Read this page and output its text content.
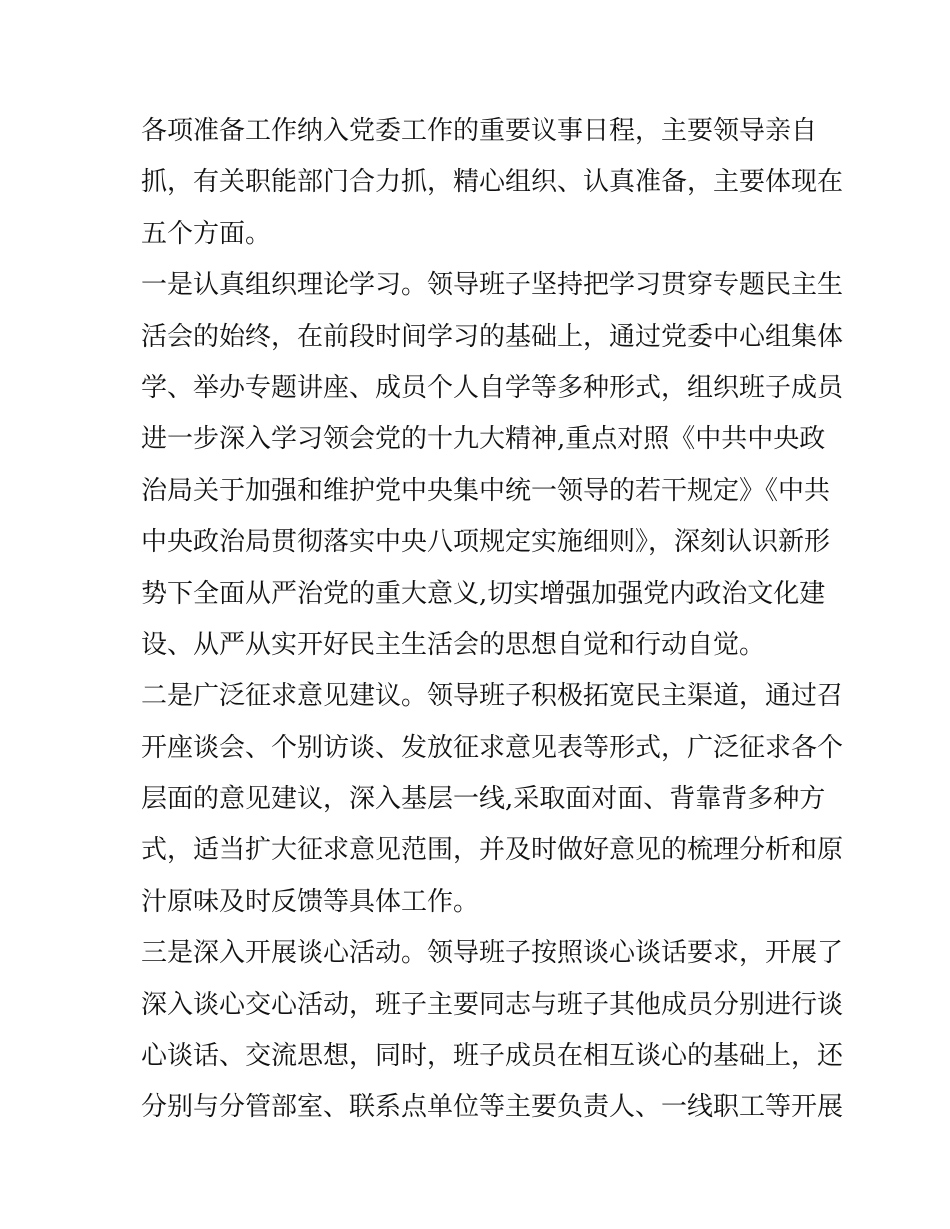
各项准备工作纳入党委工作的重要议事日程，主要领导亲自
抓，有关职能部门合力抓，精心组织、认真准备，主要体现在
五个方面。
一是认真组织理论学习。领导班子坚持把学习贯穿专题民主生
活会的始终，在前段时间学习的基础上，通过党委中心组集体
学、举办专题讲座、成员个人自学等多种形式，组织班子成员
进一步深入学习领会党的十九大精神,重点对照《中共中央政
治局关于加强和维护党中央集中统一领导的若干规定》《中共
中央政治局贯彻落实中央八项规定实施细则》，深刻认识新形
势下全面从严治党的重大意义,切实增强加强党内政治文化建
设、从严从实开好民主生活会的思想自觉和行动自觉。
二是广泛征求意见建议。领导班子积极拓宽民主渠道，通过召
开座谈会、个别访谈、发放征求意见表等形式，广泛征求各个
层面的意见建议，深入基层一线,采取面对面、背靠背多种方
式，适当扩大征求意见范围，并及时做好意见的梳理分析和原
汁原味及时反馈等具体工作。
三是深入开展谈心活动。领导班子按照谈心谈话要求，开展了
深入谈心交心活动，班子主要同志与班子其他成员分别进行谈
心谈话、交流思想，同时，班子成员在相互谈心的基础上，还
分别与分管部室、联系点单位等主要负责人、一线职工等开展
